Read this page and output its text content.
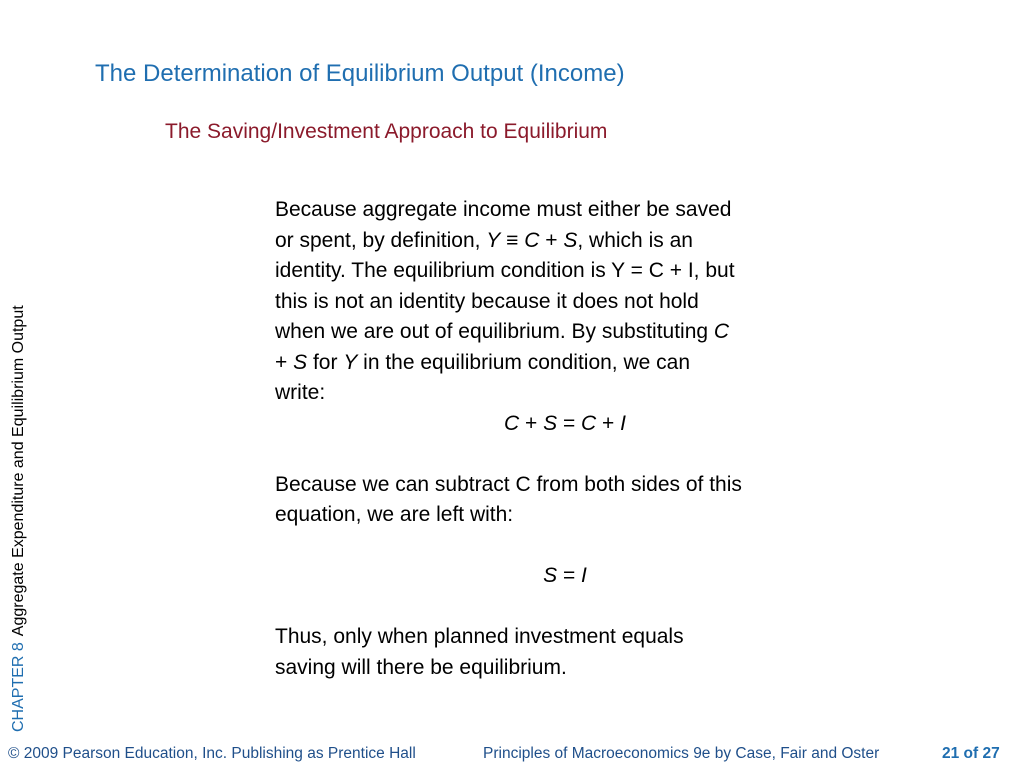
The Determination of Equilibrium Output (Income)
The Saving/Investment Approach to Equilibrium
CHAPTER 8Aggregate Expenditure and Equilibrium Output
Because aggregate income must either be saved
or spent, by definition, Y ≡ C + S, which is an
identity. The equilibrium condition is Y = C + I, but
this is not an identity because it does not hold
when we are out of equilibrium. By substituting C
+ S for Y in the equilibrium condition, we can
write:
C + S = C + I
Because we can subtract C from both sides of this
equation, we are left with:
S = I
Thus, only when planned investment equals
saving will there be equilibrium.
© 2009 Pearson Education, Inc. Publishing as Prentice Hall	Principles of Macroeconomics 9e by Case, Fair and Oster	21 of 27
